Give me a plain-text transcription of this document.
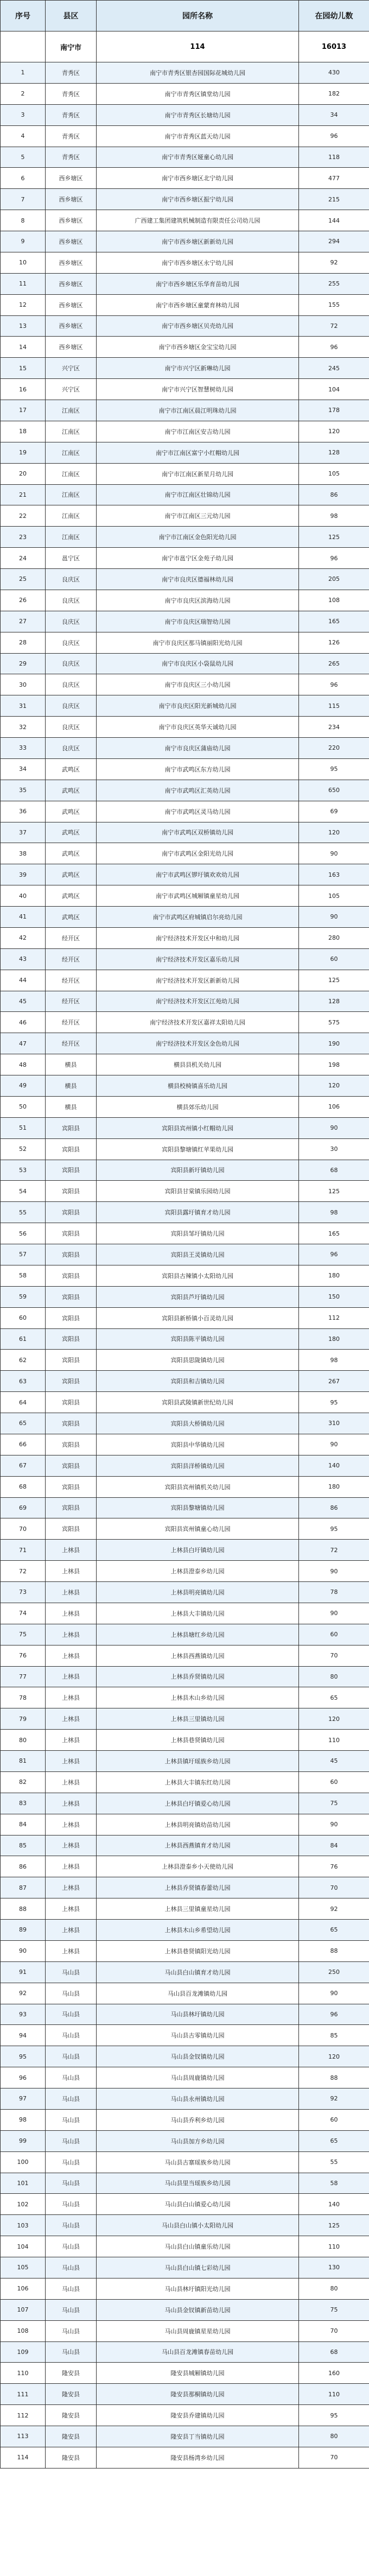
序号	县区	园所名称	在园幼儿数
	南宁市	114	16013
1	青秀区	南宁市青秀区银杏园国际花城幼儿园	430
2	青秀区	南宁市青秀区镇堂幼儿园	182
3	青秀区	南宁市青秀区长塘幼儿园	34
4	青秀区	南宁市青秀区蓝天幼儿园	96
5	青秀区	南宁市青秀区娅童心幼儿园	118
6	西乡塘区	南宁市西乡塘区北宁幼儿园	477
7	西乡塘区	南宁市西乡塘区振宁幼儿园	215
8	西乡塘区	广西建工集团建筑机械制造有限责任公司幼儿园	144
9	西乡塘区	南宁市西乡塘区新新幼儿园	294
10	西乡塘区	南宁市西乡塘区永宁幼儿园	92
11	西乡塘区	南宁市西乡塘区乐华育苗幼儿园	255
12	西乡塘区	南宁市西乡塘区童蒙育林幼儿园	155
13	西乡塘区	南宁市西乡塘区贝壳幼儿园	72
14	西乡塘区	南宁市西乡塘区金宝宝幼儿园	96
15	兴宁区	南宁市兴宁区新琳幼儿园	245
16	兴宁区	南宁市兴宁区智慧树幼儿园	104
17	江南区	南宁市江南区晨江明珠幼儿园	178
18	江南区	南宁市江南区安吉幼儿园	120
19	江南区	南宁市江南区富宁小红帽幼儿园	128
20	江南区	南宁市江南区新星月幼儿园	105
21	江南区	南宁市江南区壮锦幼儿园	86
22	江南区	南宁市江南区三元幼儿园	98
23	江南区	南宁市江南区金色阳光幼儿园	125
24	邕宁区	南宁市邕宁区金苑子幼儿园	96
25	良庆区	南宁市良庆区德福林幼儿园	205
26	良庆区	南宁市良庆区滨海幼儿园	108
27	良庆区	南宁市良庆区瑞智幼儿园	165
28	良庆区	南宁市良庆区那马镇丽阳光幼儿园	126
29	良庆区	南宁市良庆区小袋鼠幼儿园	265
30	良庆区	南宁市良庆区三小幼儿园	96
31	良庆区	南宁市良庆区阳光新城幼儿园	115
32	良庆区	南宁市良庆区英华天诚幼儿园	234
33	良庆区	南宁市良庆区蒲庙幼儿园	220
34	武鸣区	南宁市武鸣区东方幼儿园	95
35	武鸣区	南宁市武鸣区汇英幼儿园	650
36	武鸣区	南宁市武鸣区灵马幼儿园	69
37	武鸣区	南宁市武鸣区双桥镇幼儿园	120
38	武鸣区	南宁市武鸣区金阳光幼儿园	90
39	武鸣区	南宁市武鸣区锣圩镇欢欢幼儿园	163
40	武鸣区	南宁市武鸣区城厢镇童星幼儿园	105
41	武鸣区	南宁市武鸣区府城镇启尔亮幼儿园	90
42	经开区	南宁经济技术开发区中和幼儿园	280
43	经开区	南宁经济技术开发区嘉乐幼儿园	60
44	经开区	南宁经济技术开发区新新幼儿园	125
45	经开区	南宁经济技术开发区江苑幼儿园	128
46	经开区	南宁经济技术开发区嘉祥太阳幼儿园	575
47	经开区	南宁经济技术开发区金色幼儿园	190
48	横县	横县县机关幼儿园	198
49	横县	横县校椅镇喜乐幼儿园	120
50	横县	横县郊乐幼儿园	106
51	宾阳县	宾阳县宾州镇小红帽幼儿园	90
52	宾阳县	宾阳县黎塘镇红苹果幼儿园	30
53	宾阳县	宾阳县新圩镇幼儿园	68
54	宾阳县	宾阳县甘棠镇乐园幼儿园	125
55	宾阳县	宾阳县露圩镇育才幼儿园	98
56	宾阳县	宾阳县邹圩镇幼儿园	165
57	宾阳县	宾阳县王灵镇幼儿园	96
58	宾阳县	宾阳县古辣镇小太阳幼儿园	180
59	宾阳县	宾阳县芦圩镇幼儿园	150
60	宾阳县	宾阳县新桥镇小百灵幼儿园	112
61	宾阳县	宾阳县陈平镇幼儿园	180
62	宾阳县	宾阳县思陇镇幼儿园	98
63	宾阳县	宾阳县和吉镇幼儿园	267
64	宾阳县	宾阳县武陵镇新世纪幼儿园	95
65	宾阳县	宾阳县大桥镇幼儿园	310
66	宾阳县	宾阳县中华镇幼儿园	90
67	宾阳县	宾阳县洋桥镇幼儿园	140
68	宾阳县	宾阳县宾州镇机关幼儿园	180
69	宾阳县	宾阳县黎塘镇幼儿园	86
70	宾阳县	宾阳县宾州镇童心幼儿园	95
71	上林县	上林县白圩镇幼儿园	72
72	上林县	上林县澄泰乡幼儿园	90
73	上林县	上林县明亮镇幼儿园	78
74	上林县	上林县大丰镇幼儿园	90
75	上林县	上林县塘红乡幼儿园	60
76	上林县	上林县西燕镇幼儿园	70
77	上林县	上林县乔贤镇幼儿园	80
78	上林县	上林县木山乡幼儿园	65
79	上林县	上林县三里镇幼儿园	120
80	上林县	上林县巷贤镇幼儿园	110
81	上林县	上林县镇圩瑶族乡幼儿园	45
82	上林县	上林县大丰镇东红幼儿园	60
83	上林县	上林县白圩镇爱心幼儿园	75
84	上林县	上林县明亮镇幼苗幼儿园	90
85	上林县	上林县西燕镇育才幼儿园	84
86	上林县	上林县澄泰乡小天使幼儿园	76
87	上林县	上林县乔贤镇春蕾幼儿园	70
88	上林县	上林县三里镇童星幼儿园	92
89	上林县	上林县木山乡希望幼儿园	65
90	上林县	上林县巷贤镇阳光幼儿园	88
91	马山县	马山县白山镇育才幼儿园	250
92	马山县	马山县百龙滩镇幼儿园	90
93	马山县	马山县林圩镇幼儿园	96
94	马山县	马山县古零镇幼儿园	85
95	马山县	马山县金钗镇幼儿园	120
96	马山县	马山县周鹿镇幼儿园	88
97	马山县	马山县永州镇幼儿园	92
98	马山县	马山县乔利乡幼儿园	60
99	马山县	马山县加方乡幼儿园	65
100	马山县	马山县古寨瑶族乡幼儿园	55
101	马山县	马山县里当瑶族乡幼儿园	58
102	马山县	马山县白山镇爱心幼儿园	140
103	马山县	马山县白山镇小太阳幼儿园	125
104	马山县	马山县白山镇童乐幼儿园	110
105	马山县	马山县白山镇七彩幼儿园	130
106	马山县	马山县林圩镇阳光幼儿园	80
107	马山县	马山县金钗镇新苗幼儿园	75
108	马山县	马山县周鹿镇星星幼儿园	70
109	马山县	马山县百龙滩镇春苗幼儿园	68
110	隆安县	隆安县城厢镇幼儿园	160
111	隆安县	隆安县那桐镇幼儿园	110
112	隆安县	隆安县乔建镇幼儿园	95
113	隆安县	隆安县丁当镇幼儿园	80
114	隆安县	隆安县杨湾乡幼儿园	70
